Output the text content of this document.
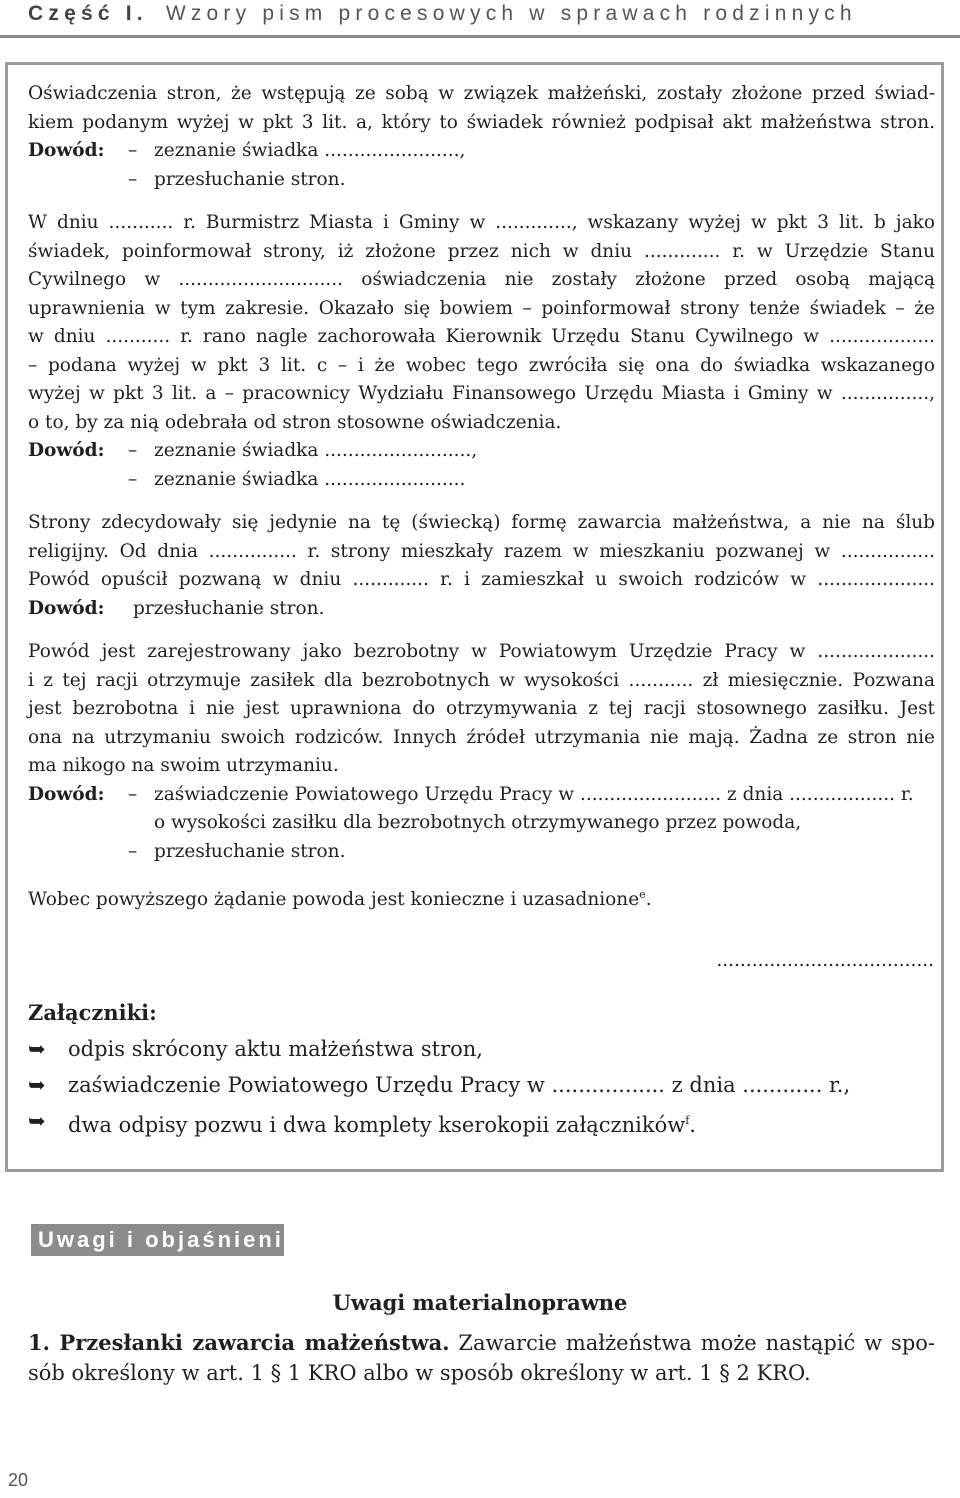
Część I. Wzory pism procesowych w sprawach rodzinnych

Oświadczenia stron, że wstępują ze sobą w związek małżeński, zostały złożone przed świad-

kiem podanym wyżej w pkt 3 lit. a, który to świadek również podpisał akt małżeństwa stron.

Dowód:	– zeznanie świadka .......................,
– przesłuchanie stron.

W dniu ........... r. Burmistrz Miasta i Gminy w ............., wskazany wyżej w pkt 3 lit. b jako

świadek, poinformował strony, iż złożone przez nich w dniu ............. r. w Urzędzie Stanu

Cywilnego w ............................ oświadczenia nie zostały złożone przed osobą mającą

uprawnienia w tym zakresie. Okazało się bowiem – poinformował strony tenże świadek – że

w dniu ........... r. rano nagle zachorowała Kierownik Urzędu Stanu Cywilnego w ..................

– podana wyżej w pkt 3 lit. c – i że wobec tego zwróciła się ona do świadka wskazanego

wyżej w pkt 3 lit. a – pracownicy Wydziału Finansowego Urzędu Miasta i Gminy w ...............,

o to, by za nią odebrała od stron stosowne oświadczenia.

Dowód:	– zeznanie świadka .........................,
– zeznanie świadka ........................

Strony zdecydowały się jedynie na tę (świecką) formę zawarcia małżeństwa, a nie na ślub

religijny. Od dnia ............... r. strony mieszkały razem w mieszkaniu pozwanej w ................

Powód opuścił pozwaną w dniu ............. r. i zamieszkał u swoich rodziców w ....................

Dowód:	przesłuchanie stron.

Powód jest zarejestrowany jako bezrobotny w Powiatowym Urzędzie Pracy w ....................

i z tej racji otrzymuje zasiłek dla bezrobotnych w wysokości ........... zł miesięcznie. Pozwana

jest bezrobotna i nie jest uprawniona do otrzymywania z tej racji stosownego zasiłku. Jest

ona na utrzymaniu swoich rodziców. Innych źródeł utrzymania nie mają. Żadna ze stron nie

ma nikogo na swoim utrzymaniu.

Dowód:	– zaświadczenie Powiatowego Urzędu Pracy w ........................ z dnia .................. r.
o wysokości zasiłku dla bezrobotnych otrzymywanego przez powoda,
– przesłuchanie stron.

Wobec powyższego żądanie powoda jest konieczne i uzasadnione$^e$.

.....................................
Załączniki:
➥	odpis skrócony aktu małżeństwa stron,
➥	zaświadczenie Powiatowego Urzędu Pracy w ................. z dnia ............ r.,
➥	dwa odpisy pozwu i dwa komplety kserokopii załączników$^f$.
Uwagi i objaśnienia
Uwagi materialnoprawne
1. Przesłanki zawarcia małżeństwa. Zawarcie małżeństwa może nastąpić w spo-
sób określony w art. 1 § 1 KRO albo w sposób określony w art. 1 § 2 KRO.
20
